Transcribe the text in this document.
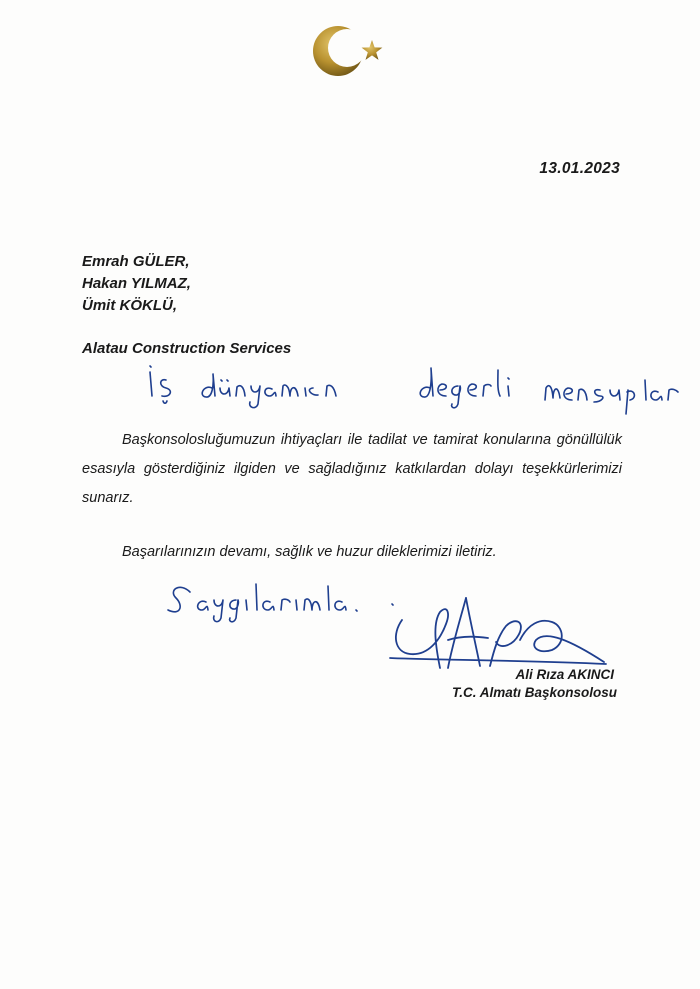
13.01.2023
Emrah GÜLER,
Hakan YILMAZ,
Ümit KÖKLÜ,
Alatau Construction Services
Başkonsolosluğumuzun ihtiyaçları ile tadilat ve tamirat konularına gönüllülük esasıyla gösterdiğiniz ilgiden ve sağladığınız katkılardan dolayı teşekkürlerimizi sunarız.
Başarılarınızın devamı, sağlık ve huzur dileklerimizi iletiriz.
Ali Rıza AKINCI
T.C. Almatı Başkonsolosu
